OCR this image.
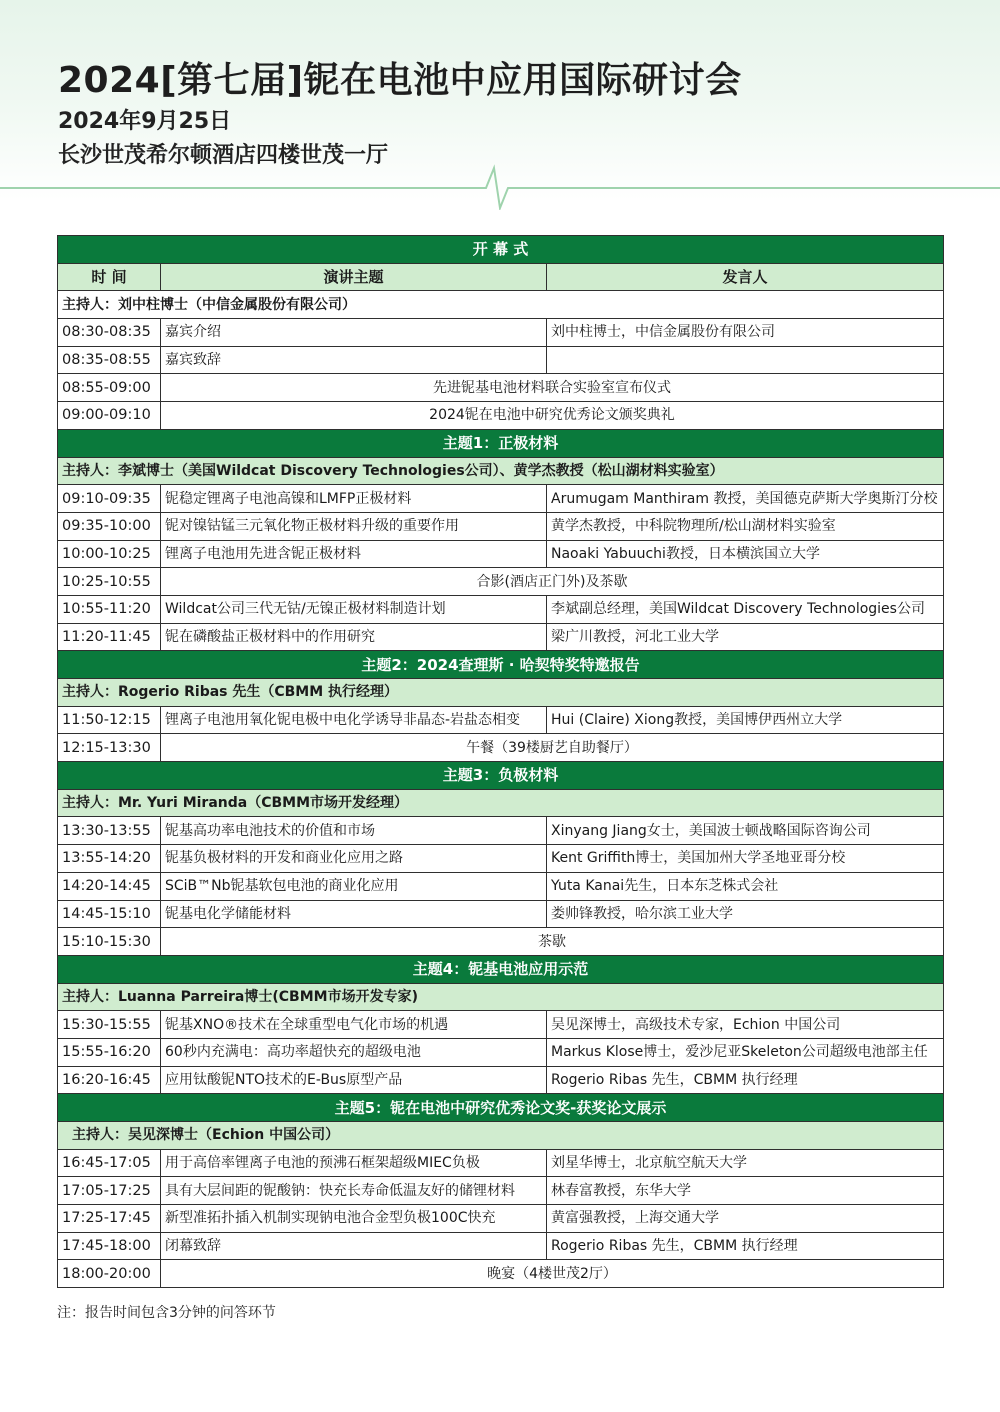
2024[第七届]铌在电池中应用国际研讨会

2024年9月25日

长沙世茂希尔顿酒店四楼世茂一厅

开 幕 式		
时 间	演讲主题	发言人
主持人：刘中柱博士（中信金属股份有限公司）		
08:30-08:35	嘉宾介绍	刘中柱博士，中信金属股份有限公司
08:35-08:55	嘉宾致辞	
08:55-09:00	先进铌基电池材料联合实验室宣布仪式	
09:00-09:10	2024铌在电池中研究优秀论文颁奖典礼	
主题1：正极材料		
主持人：李斌博士（美国Wildcat Discovery Technologies公司）、黄学杰教授（松山湖材料实验室）		
09:10-09:35	铌稳定锂离子电池高镍和LMFP正极材料	Arumugam Manthiram 教授，美国德克萨斯大学奥斯汀分校
09:35-10:00	铌对镍钴锰三元氧化物正极材料升级的重要作用	黄学杰教授，中科院物理所/松山湖材料实验室
10:00-10:25	锂离子电池用先进含铌正极材料	Naoaki Yabuuchi教授，日本横滨国立大学
10:25-10:55	合影(酒店正门外)及茶歇	
10:55-11:20	Wildcat公司三代无钴/无镍正极材料制造计划	李斌副总经理，美国Wildcat Discovery Technologies公司
11:20-11:45	铌在磷酸盐正极材料中的作用研究	梁广川教授，河北工业大学
主题2：2024查理斯 · 哈契特奖特邀报告		
主持人：Rogerio Ribas 先生（CBMM 执行经理）		
11:50-12:15	锂离子电池用氧化铌电极中电化学诱导非晶态-岩盐态相变	Hui (Claire) Xiong教授，美国博伊西州立大学
12:15-13:30	午餐（39楼厨艺自助餐厅）	
主题3：负极材料		
主持人：Mr. Yuri Miranda（CBMM市场开发经理）		
13:30-13:55	铌基高功率电池技术的价值和市场	Xinyang Jiang女士，美国波士顿战略国际咨询公司
13:55-14:20	铌基负极材料的开发和商业化应用之路	Kent Griffith博士，美国加州大学圣地亚哥分校
14:20-14:45	SCiB™Nb铌基软包电池的商业化应用	Yuta Kanai先生，日本东芝株式会社
14:45-15:10	铌基电化学储能材料	娄帅锋教授，哈尔滨工业大学
15:10-15:30	茶歇	
主题4：铌基电池应用示范		
主持人：Luanna Parreira博士(CBMM市场开发专家)		
15:30-15:55	铌基XNO®技术在全球重型电气化市场的机遇	吴见深博士，高级技术专家，Echion 中国公司
15:55-16:20	60秒内充满电：高功率超快充的超级电池	Markus Klose博士，爱沙尼亚Skeleton公司超级电池部主任
16:20-16:45	应用钛酸铌NTO技术的E-Bus原型产品	Rogerio Ribas 先生，CBMM 执行经理
主题5：铌在电池中研究优秀论文奖-获奖论文展示		
主持人：吴见深博士（Echion 中国公司）		
16:45-17:05	用于高倍率锂离子电池的预沸石框架超级MIEC负极	刘星华博士，北京航空航天大学
17:05-17:25	具有大层间距的铌酸钠：快充长寿命低温友好的储锂材料	林春富教授，东华大学
17:25-17:45	新型准拓扑插入机制实现钠电池合金型负极100C快充	黄富强教授，上海交通大学
17:45-18:00	闭幕致辞	Rogerio Ribas 先生，CBMM 执行经理
18:00-20:00	晚宴（4楼世茂2厅）	

注：报告时间包含3分钟的问答环节
